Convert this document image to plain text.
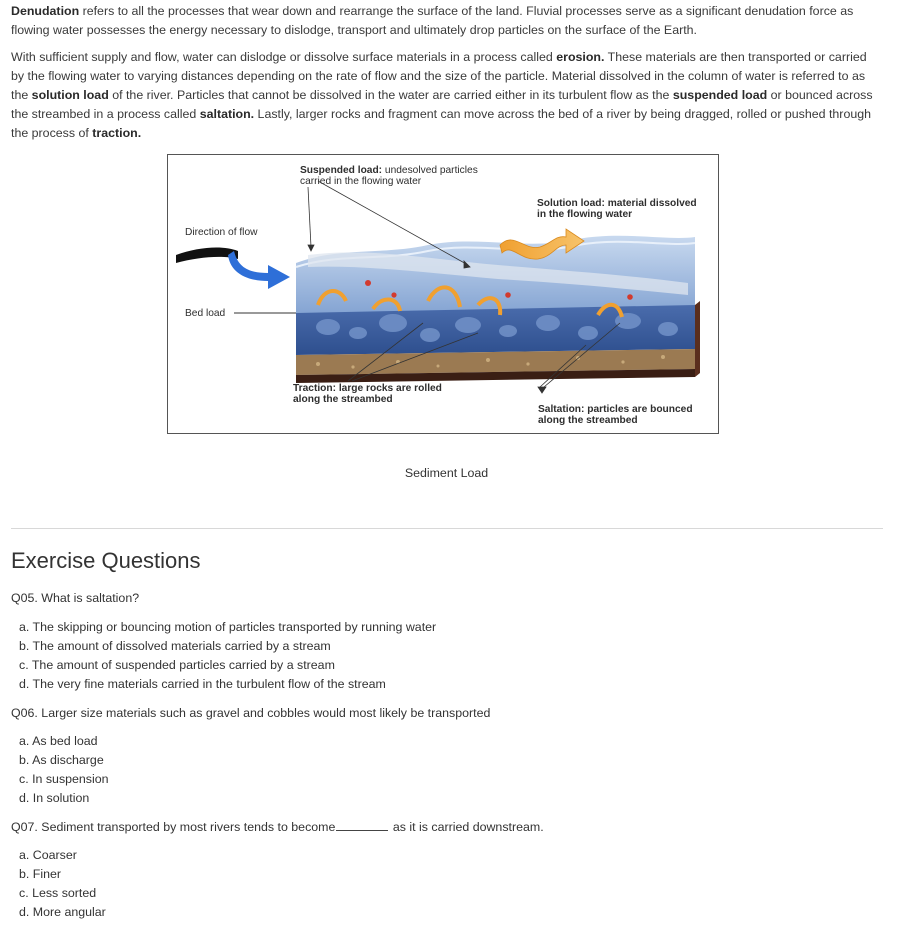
Denudation refers to all the processes that wear down and rearrange the surface of the land. Fluvial processes serve as a significant denudation force as flowing water possesses the energy necessary to dislodge, transport and ultimately drop particles on the surface of the Earth.

With sufficient supply and flow, water can dislodge or dissolve surface materials in a process called erosion. These materials are then transported or carried by the flowing water to varying distances depending on the rate of flow and the size of the particle. Material dissolved in the column of water is referred to as the solution load of the river. Particles that cannot be dissolved in the water are carried either in its turbulent flow as the suspended load or bounced across the streambed in a process called saltation. Lastly, larger rocks and fragment can move across the bed of a river by being dragged, rolled or pushed through the process of traction.

Suspended load: undesolved particles
carried in the flowing water
Solution load: material dissolved
in the flowing water
Direction of flow
Bed load
Traction: large rocks are rolled
along the streambed
Saltation: particles are bounced
along the streambed
Sediment Load
Exercise Questions
Q05. What is saltation?
a. The skipping or bouncing motion of particles transported by running water
b. The amount of dissolved materials carried by a stream
c. The amount of suspended particles carried by a stream
d. The very fine materials carried in the turbulent flow of the stream
Q06. Larger size materials such as gravel and cobbles would most likely be transported
a. As bed load
b. As discharge
c. In suspension
d. In solution
Q07. Sediment transported by most rivers tends to become	as it is carried downstream.
a. Coarser
b. Finer
c. Less sorted
d. More angular
